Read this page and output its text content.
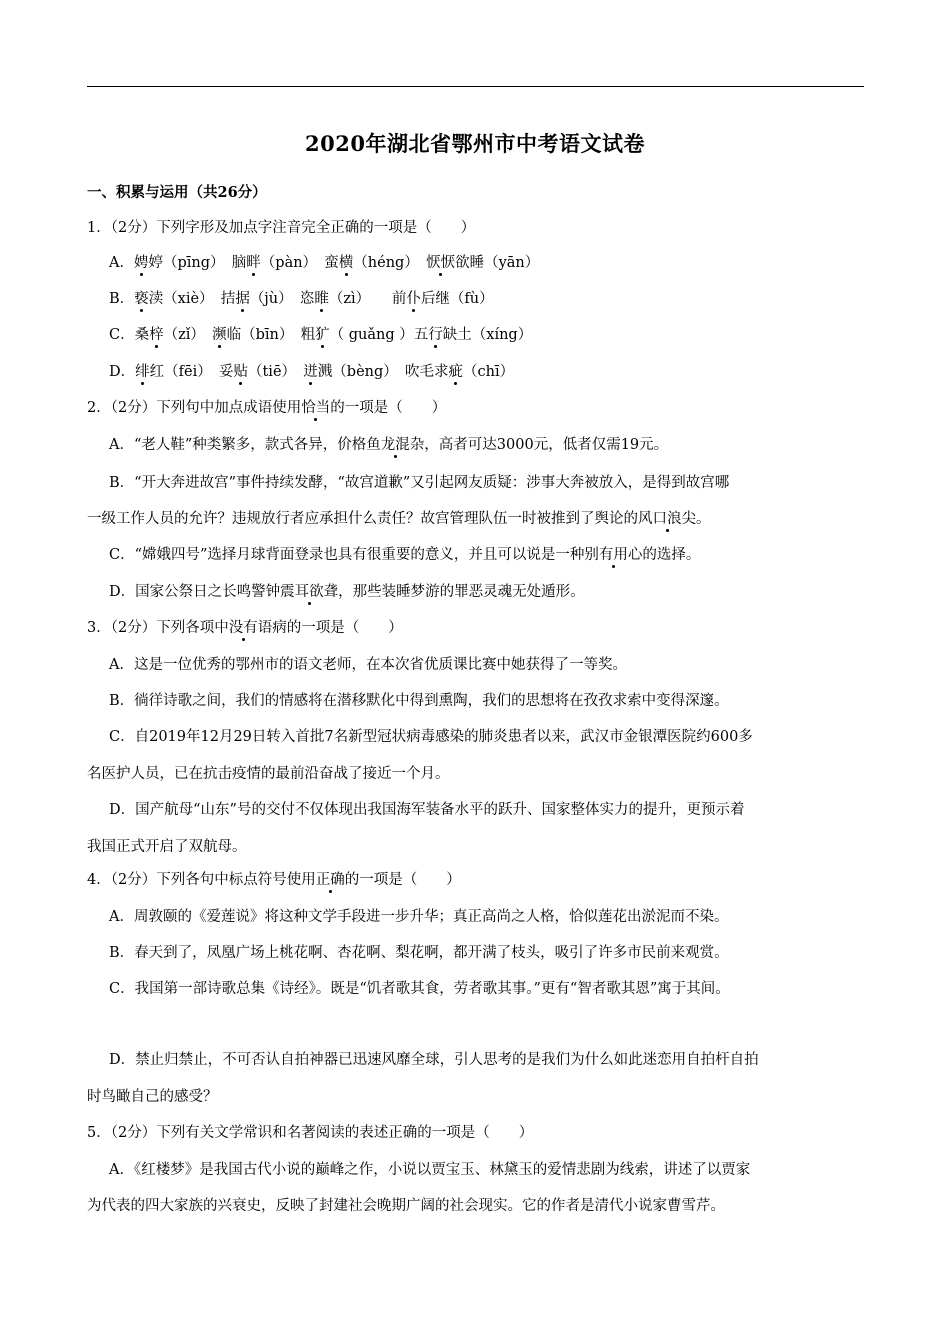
2020年湖北省鄂州市中考语文试卷
一、积累与运用（共26分）
1．（2分）下列字形及加点字注音完全正确的一项是（　　）
A．娉婷（pīng）　脑畔（pàn）　蛮横（héng）　恹恹欲睡（yān）
B．亵渎（xiè）　拮据（jù）　恣睢（zì）　　前仆后继（fù）
C．桑梓（zǐ）　濒临（bīn）　粗犷（ guǎng ）五行缺土（xíng）
D．绯红（fēi）　妥贴（tiē）　迸溅（bèng）　吹毛求疵（chī）
2．（2分）下列句中加点成语使用恰当的一项是（　　）
A．“老人鞋”种类繁多，款式各异，价格鱼龙混杂，高者可达3000元，低者仅需19元。
B．“开大奔进故宫”事件持续发酵，“故宫道歉”又引起网友质疑：涉事大奔被放入，是得到故宫哪
一级工作人员的允许？违规放行者应承担什么责任？故宫管理队伍一时被推到了舆论的风口浪尖。
C．“嫦娥四号”选择月球背面登录也具有很重要的意义，并且可以说是一种别有用心的选择。
D．国家公祭日之长鸣警钟震耳欲聋，那些装睡梦游的罪恶灵魂无处遁形。
3．（2分）下列各项中没有语病的一项是（　　）
A．这是一位优秀的鄂州市的语文老师，在本次省优质课比赛中她获得了一等奖。
B．徜徉诗歌之间，我们的情感将在潜移默化中得到熏陶，我们的思想将在孜孜求索中变得深邃。
C．自2019年12月29日转入首批7名新型冠状病毒感染的肺炎患者以来，武汉市金银潭医院约600多
名医护人员，已在抗击疫情的最前沿奋战了接近一个月。
D．国产航母“山东”号的交付不仅体现出我国海军装备水平的跃升、国家整体实力的提升，更预示着
我国正式开启了双航母。
4．（2分）下列各句中标点符号使用正确的一项是（　　）
A．周敦颐的《爱莲说》将这种文学手段进一步升华；真正高尚之人格，恰似莲花出淤泥而不染。
B．春天到了，凤凰广场上桃花啊、杏花啊、梨花啊，都开满了枝头，吸引了许多市民前来观赏。
C．我国第一部诗歌总集《诗经》。既是“饥者歌其食，劳者歌其事。”更有“智者歌其恩”寓于其间。
D．禁止归禁止，不可否认自拍神器已迅速风靡全球，引人思考的是我们为什么如此迷恋用自拍杆自拍
时鸟瞰自己的感受？
5．（2分）下列有关文学常识和名著阅读的表述正确的一项是（　　）
A．《红楼梦》是我国古代小说的巅峰之作，小说以贾宝玉、林黛玉的爱情悲剧为线索，讲述了以贾家
为代表的四大家族的兴衰史，反映了封建社会晚期广阔的社会现实。它的作者是清代小说家曹雪芹。
